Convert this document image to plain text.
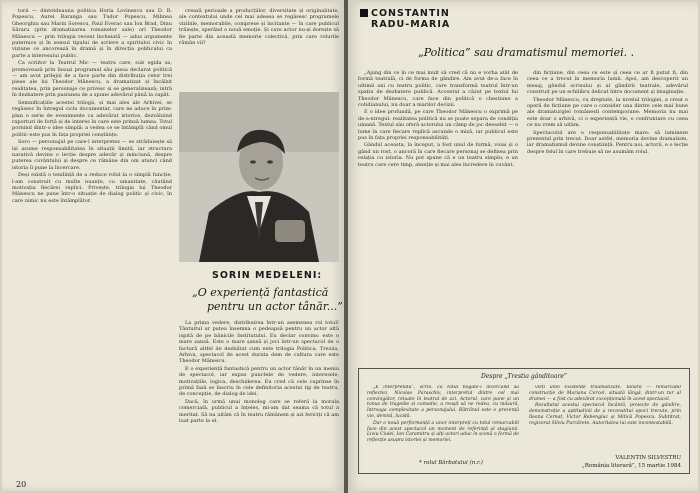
torii — dintotdeauna politica Horia Lovinescu sau D. R. Popescu, Aurel Baranga sau Tudor Popescu, Mihnea Gheorghiu sau Marin Sorescu, Paul Everac sau Ion Brad, Dinu Săraru (prin dramatizarea romanelor sale) ori Theodor Mănescu — prin trilogia recent încheiată — adus argumente puternice și în sensul tipului de scriere a spiritului civic în viziune ce ancorează în dramă și în direcția politicului ca parte a interesului public.

Ca scriitor la Teatrul Mic — teatru care, sub egida sa, promovează prin însuși programul său piesa declarat politică — am avut prilejul de a face parte din distribuția celor trei piese ale lui Theodor Mănescu, a dramatizat și încălzit realitatea, prin personaje ce privesc și se generalizează; intră în dezbatere prin pasiunea de a spune adevărul până la capăt.

Semnificațiile acestei trilogii, și mai ales ale Arhivei, se regăsesc în întregul ciclu documentar, care ne aduce în prim-plan o serie de evenimente cu adevărat istorice, dezvăluind raporturi de forță și de interes în care este prinsă lumea. Totul pornind dintr-o idee simplă: a vedea ce se întâmplă când omul politic este pus în fața propriei conștiințe.

Soro — personajul pe care-l interpretez — se străduiește să își asume responsabilitatea în situații limită, iar structura narativă devine o lecție despre adevăr și minciună, despre puterea cuvântului și despre ce rămâne din om atunci când istoria îl pune la încercare.

Deși există o tendință de a reduce rolul la o simplă funcție, l-am construit cu multe nuanțe, cu umanitate, căutând motivația fiecărei replici. Privește, trilogia lui Theodor Mănescu ne pune într-o situație de dialog politic și civic, în care nimic nu este întâmplător.

crează perioade a producțiilor, diversitate și originalitate, ale contextului unde cel mai adesea se regăsesc programele vizibile, memorabile, comprese și incitante — în care publicul trăiește, sperând o nouă emoție. Și care actor nu-și dorește să fie parte din această memorie colectivă, prin care rolurile rămân vii?

SORIN MEDELENI:
„O experiență fantastică
pentru un actor tânăr...”

La prima vedere, distribuirea într-un asemenea rol totul! Tântuitul ar putea însemna o pedeapsă pentru un actor altă ispită de pe bănicile Institutului. Eu declar convins: este o mare șansă. Este o mare șansă și joci într-un spectacol de o factură altfel de dezbătut cum este trilogia Politica, Treziia, Arhiva, spectacol de acest durata dem de cultura care este Theodor Mănescu.

E o experiență fantastică pentru un actor tânăr în un meniu de spectacol, iar expus punctele de vedere, interesele, motivațiile, logica, deschiderea. Eu cred că cele cuprinse în primă fază se înscriu în cele definitoria acestui tip de teatru, de concepție, de dialog de idei.

Dacă, în urmă unui monolog care se referă la morala comercială, publicul a înțeles, mi-am dat seama că totul a meritat. Să nu uităm că în teatru rămânem și azi fericiți că am luat parte la el.

20
CONSTANTIN
RADU-MARIA
„Politica” sau dramatismul memoriei. .

„Ajung din ce în ce mai mult să cred că nu e vorba atât de formă teatrală, ci de forma de gândire. Am avut de-a face în ultimii ani cu teatru politic, care transformă teatrul într-un spațiu de dezbatere publică. Accentul a căzut pe textul lui Theodor Mănescu, care face din politică o chestiune a cotidianului, nu doar a marilor decizii.

E o idee profundă, pe care Theodor Mănescu o exprimă pe de-a-ntregul: realitatea politică nu se poate separa de condiția umană. Textul său oferă actorului un câmp de joc deosebit — o lume în care fiecare replică ascunde o miză, iar publicul este pus în fața propriei responsabilități.

Gândul aceasta, la început, a fost unul de formă, voiai și o gând un rost, o ancoră în care fiecare personaj se definea prin relația cu istoria. Nu pot spune că e un teatru simplu; e un teatru care cere timp, atenție și mai ales încredere în cuvânt.

din ficțiune, din ceea ce este și ceea ce ar fi putut fi, din ceea ce a trecut în memoria lumii. Apoi, am descoperit un mesaj, gândul scrisului și al gândirii teatrale, adevărul construit pe un echilibru delicat între document și imaginație.

Theodor Mănescu, cu dreptate, la nivelul trilogiei, a creat o operă de ficțiune pe care o consider una dintre cele mai bune ale dramaturgiei românești contemporane. Memoria nu mai este doar o arhivă, ci o experiență vie, o confruntare cu ceea ce nu vrem să uităm.

Spectacolul are o responsabilitate mare: să lumineze prezentul prin trecut. Doar astfel, memoria devine dramatism, iar dramatismul devine conștiință. Pentru noi, actorii, e o lecție despre felul în care trebuie să ne asumăm rolul.

Despre „Trestia gânditoare”

„E interpretată”, scrie, cu totul bogate-i încercând să reflectez, Nicolae Paraschiv, interpretul dintre cel mai convingător, reluate în teatrul de azi. Actorul, care pune și un tonus de tragedie și comedie, a reușit să ne redea, cu măsură, întreaga complexitate a personajului. Bătrânul este o prezență vie, demnă, lucidă.

Dar o nouă performanță a unor interpreți cu totul remarcabili face din acest spectacol un moment de referință al stagiunii. Liviu Ciulei, Ion Caramitru și alți actori aduc în scenă o formă de reflecție asupra istoriei și memoriei.

vieți unei existențe traumatizate, tânără — remarcabil construcție de Mariana Cercel, situată lângă, dintr-un tur al dramei — a fost cu adevărat excepțională în acest spectacol.

Rezultatul acestui spectacol încântă, proiecte de gândire, demonstrație a aptitudinii de a reconstitui epoci trecute, prin Ileana Cernat, Victor Rebengiuc și Mitică Popescu. Subtitrat, regizorul Silviu Purcărete. Autoritatea lui este incontestabilă.

* rolul Bărbatului (n.r.)
VALENTIN SILVESTRU
„România literară”, 15 martie 1984
